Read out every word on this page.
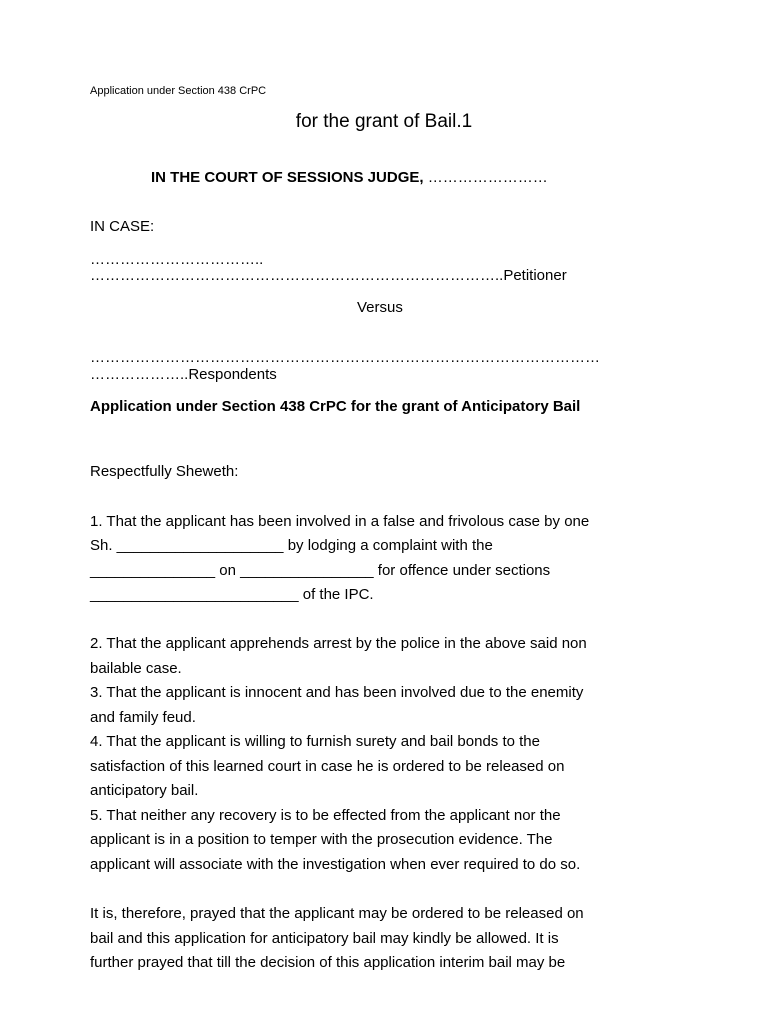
Application under Section 438 CrPC
for the grant of Bail.1
IN THE COURT OF SESSIONS JUDGE, ……………………
IN CASE:
……………………………..
………………………………………………………………………..Petitioner
Versus
…………………………………………………………………………………………
………………..Respondents
Application under Section 438 CrPC for the grant of Anticipatory Bail
Respectfully Sheweth:
1. That the applicant has been involved in a false and frivolous case by one
Sh. ____________________ by lodging a complaint with the
_______________ on ________________ for offence under sections
_________________________ of the IPC.
2. That the applicant apprehends arrest by the police in the above said non
bailable case.
3. That the applicant is innocent and has been involved due to the enemity
and family feud.
4. That the applicant is willing to furnish surety and bail bonds to the
satisfaction of this learned court in case he is ordered to be released on
anticipatory bail.
5. That neither any recovery is to be effected from the applicant nor the
applicant is in a position to temper with the prosecution evidence. The
applicant will associate with the investigation when ever required to do so.
It is, therefore, prayed that the applicant may be ordered to be released on
bail and this application for anticipatory bail may kindly be allowed. It is
further prayed that till the decision of this application interim bail may be
